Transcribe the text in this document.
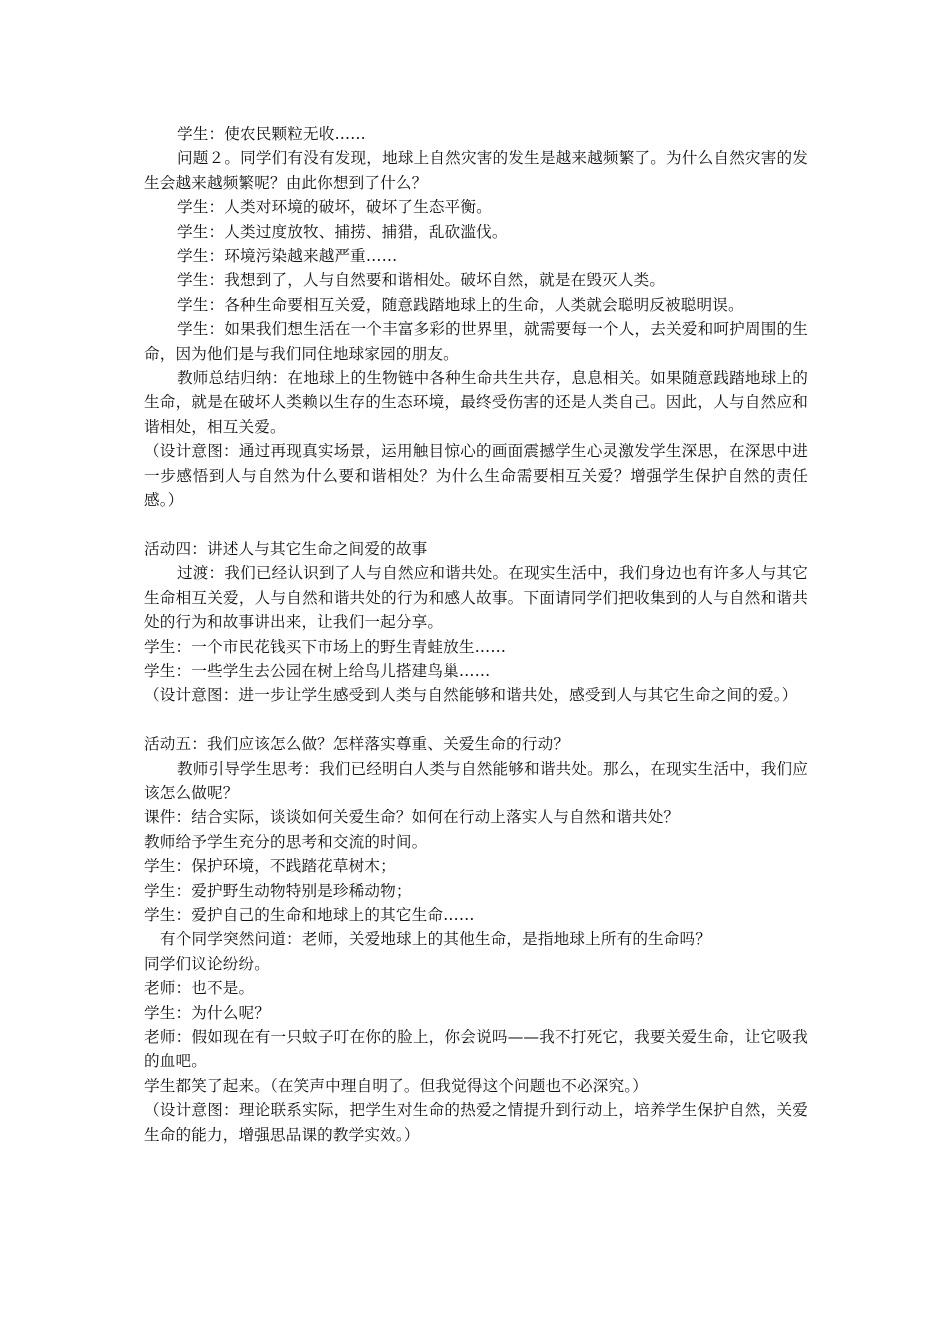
学生：使农民颗粒无收……

问题２。同学们有没有发现，地球上自然灾害的发生是越来越频繁了。为什么自然灾害的发生会越来越频繁呢？由此你想到了什么？

学生：人类对环境的破坏，破坏了生态平衡。

学生：人类过度放牧、捕捞、捕猎，乱砍滥伐。

学生：环境污染越来越严重……

学生：我想到了，人与自然要和谐相处。破坏自然，就是在毁灭人类。

学生：各种生命要相互关爱，随意践踏地球上的生命，人类就会聪明反被聪明误。

学生：如果我们想生活在一个丰富多彩的世界里，就需要每一个人，去关爱和呵护周围的生命，因为他们是与我们同住地球家园的朋友。

教师总结归纳：在地球上的生物链中各种生命共生共存，息息相关。如果随意践踏地球上的生命，就是在破坏人类赖以生存的生态环境，最终受伤害的还是人类自己。因此，人与自然应和谐相处，相互关爱。

（设计意图：通过再现真实场景，运用触目惊心的画面震撼学生心灵激发学生深思，在深思中进一步感悟到人与自然为什么要和谐相处？为什么生命需要相互关爱？增强学生保护自然的责任感。）

活动四：讲述人与其它生命之间爱的故事

过渡：我们已经认识到了人与自然应和谐共处。在现实生活中，我们身边也有许多人与其它生命相互关爱，人与自然和谐共处的行为和感人故事。下面请同学们把收集到的人与自然和谐共处的行为和故事讲出来，让我们一起分享。

学生：一个市民花钱买下市场上的野生青蛙放生……

学生：一些学生去公园在树上给鸟儿搭建鸟巢……

（设计意图：进一步让学生感受到人类与自然能够和谐共处，感受到人与其它生命之间的爱。）

活动五：我们应该怎么做？怎样落实尊重、关爱生命的行动？

教师引导学生思考：我们已经明白人类与自然能够和谐共处。那么，在现实生活中，我们应该怎么做呢？

课件：结合实际，谈谈如何关爱生命？如何在行动上落实人与自然和谐共处？

教师给予学生充分的思考和交流的时间。

学生：保护环境，不践踏花草树木；

学生：爱护野生动物特别是珍稀动物；

学生：爱护自己的生命和地球上的其它生命……

有个同学突然问道：老师，关爱地球上的其他生命，是指地球上所有的生命吗？

同学们议论纷纷。

老师：也不是。

学生：为什么呢？

老师：假如现在有一只蚊子叮在你的脸上，你会说吗——我不打死它，我要关爱生命，让它吸我的血吧。

学生都笑了起来。（在笑声中理自明了。但我觉得这个问题也不必深究。）

（设计意图：理论联系实际，把学生对生命的热爱之情提升到行动上，培养学生保护自然，关爱生命的能力，增强思品课的教学实效。）
